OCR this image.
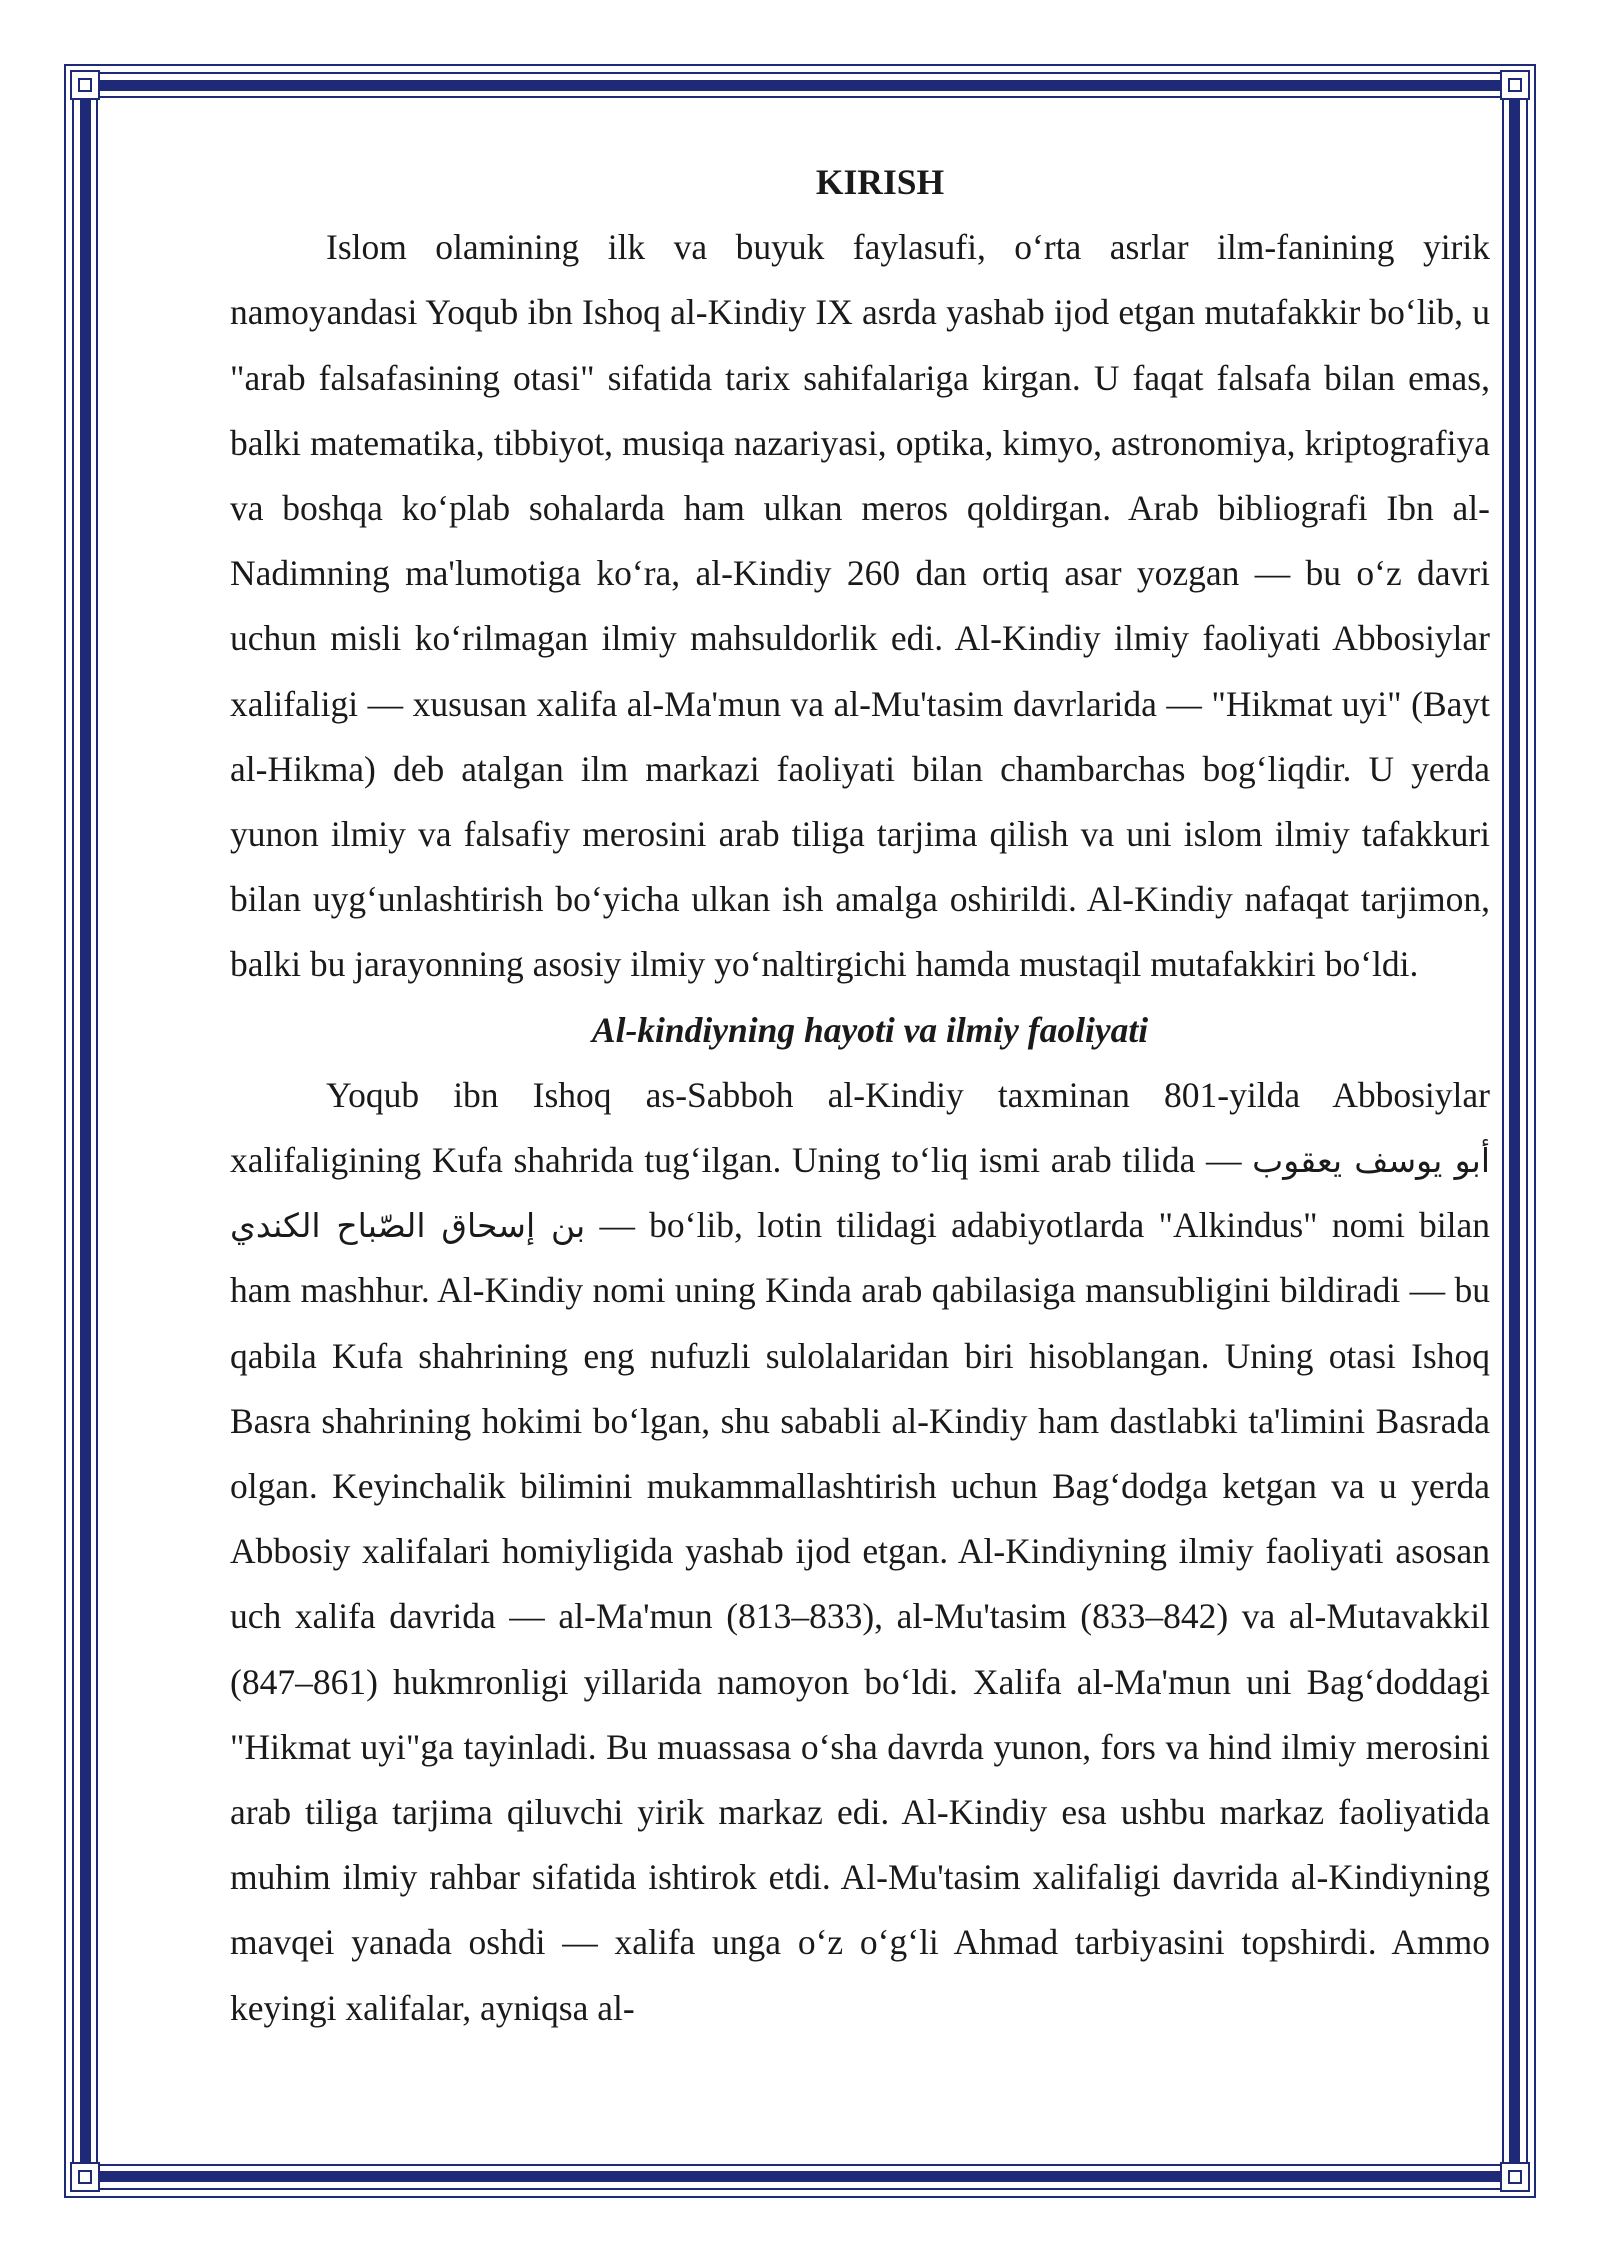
KIRISH

Islom olamining ilk va buyuk faylasufi, o‘rta asrlar ilm-fanining yirik namoyandasi Yoqub ibn Ishoq al-Kindiy IX asrda yashab ijod etgan mutafakkir bo‘lib, u "arab falsafasining otasi" sifatida tarix sahifalariga kirgan. U faqat falsafa bilan emas, balki matematika, tibbiyot, musiqa nazariyasi, optika, kimyo, astronomiya, kriptografiya va boshqa ko‘plab sohalarda ham ulkan meros qoldirgan. Arab bibliografi Ibn al-Nadimning ma'lumotiga ko‘ra, al-Kindiy 260 dan ortiq asar yozgan — bu o‘z davri uchun misli ko‘rilmagan ilmiy mahsuldorlik edi. Al-Kindiy ilmiy faoliyati Abbosiylar xalifaligi — xususan xalifa al-Ma'mun va al-Mu'tasim davrlarida — "Hikmat uyi" (Bayt al-Hikma) deb atalgan ilm markazi faoliyati bilan chambarchas bog‘liqdir. U yerda yunon ilmiy va falsafiy merosini arab tiliga tarjima qilish va uni islom ilmiy tafakkuri bilan uyg‘unlashtirish bo‘yicha ulkan ish amalga oshirildi. Al-Kindiy nafaqat tarjimon, balki bu jarayonning asosiy ilmiy yo‘naltirgichi hamda mustaqil mutafakkiri bo‘ldi.

Al-kindiyning hayoti va ilmiy faoliyati

Yoqub ibn Ishoq as-Sabboh al-Kindiy taxminan 801-yilda Abbosiylar xalifaligining Kufa shahrida tug‘ilgan. Uning to‘liq ismi arab tilida — أبو يوسف يعقوب بن إسحاق الصّباح الكندي — bo‘lib, lotin tilidagi adabiyotlarda "Alkindus" nomi bilan ham mashhur. Al-Kindiy nomi uning Kinda arab qabilasiga mansubligini bildiradi — bu qabila Kufa shahrining eng nufuzli sulolalaridan biri hisoblangan. Uning otasi Ishoq Basra shahrining hokimi bo‘lgan, shu sababli al-Kindiy ham dastlabki ta'limini Basrada olgan. Keyinchalik bilimini mukammallashtirish uchun Bag‘dodga ketgan va u yerda Abbosiy xalifalari homiyligida yashab ijod etgan. Al-Kindiyning ilmiy faoliyati asosan uch xalifa davrida — al-Ma'mun (813–833), al-Mu'tasim (833–842) va al-Mutavakkil (847–861) hukmronligi yillarida namoyon bo‘ldi. Xalifa al-Ma'mun uni Bag‘doddagi "Hikmat uyi"ga tayinladi. Bu muassasa o‘sha davrda yunon, fors va hind ilmiy merosini arab tiliga tarjima qiluvchi yirik markaz edi. Al-Kindiy esa ushbu markaz faoliyatida muhim ilmiy rahbar sifatida ishtirok etdi. Al-Mu'tasim xalifaligi davrida al-Kindiyning mavqei yanada oshdi — xalifa unga o‘z o‘g‘li Ahmad tarbiyasini topshirdi. Ammo keyingi xalifalar, ayniqsa al-
